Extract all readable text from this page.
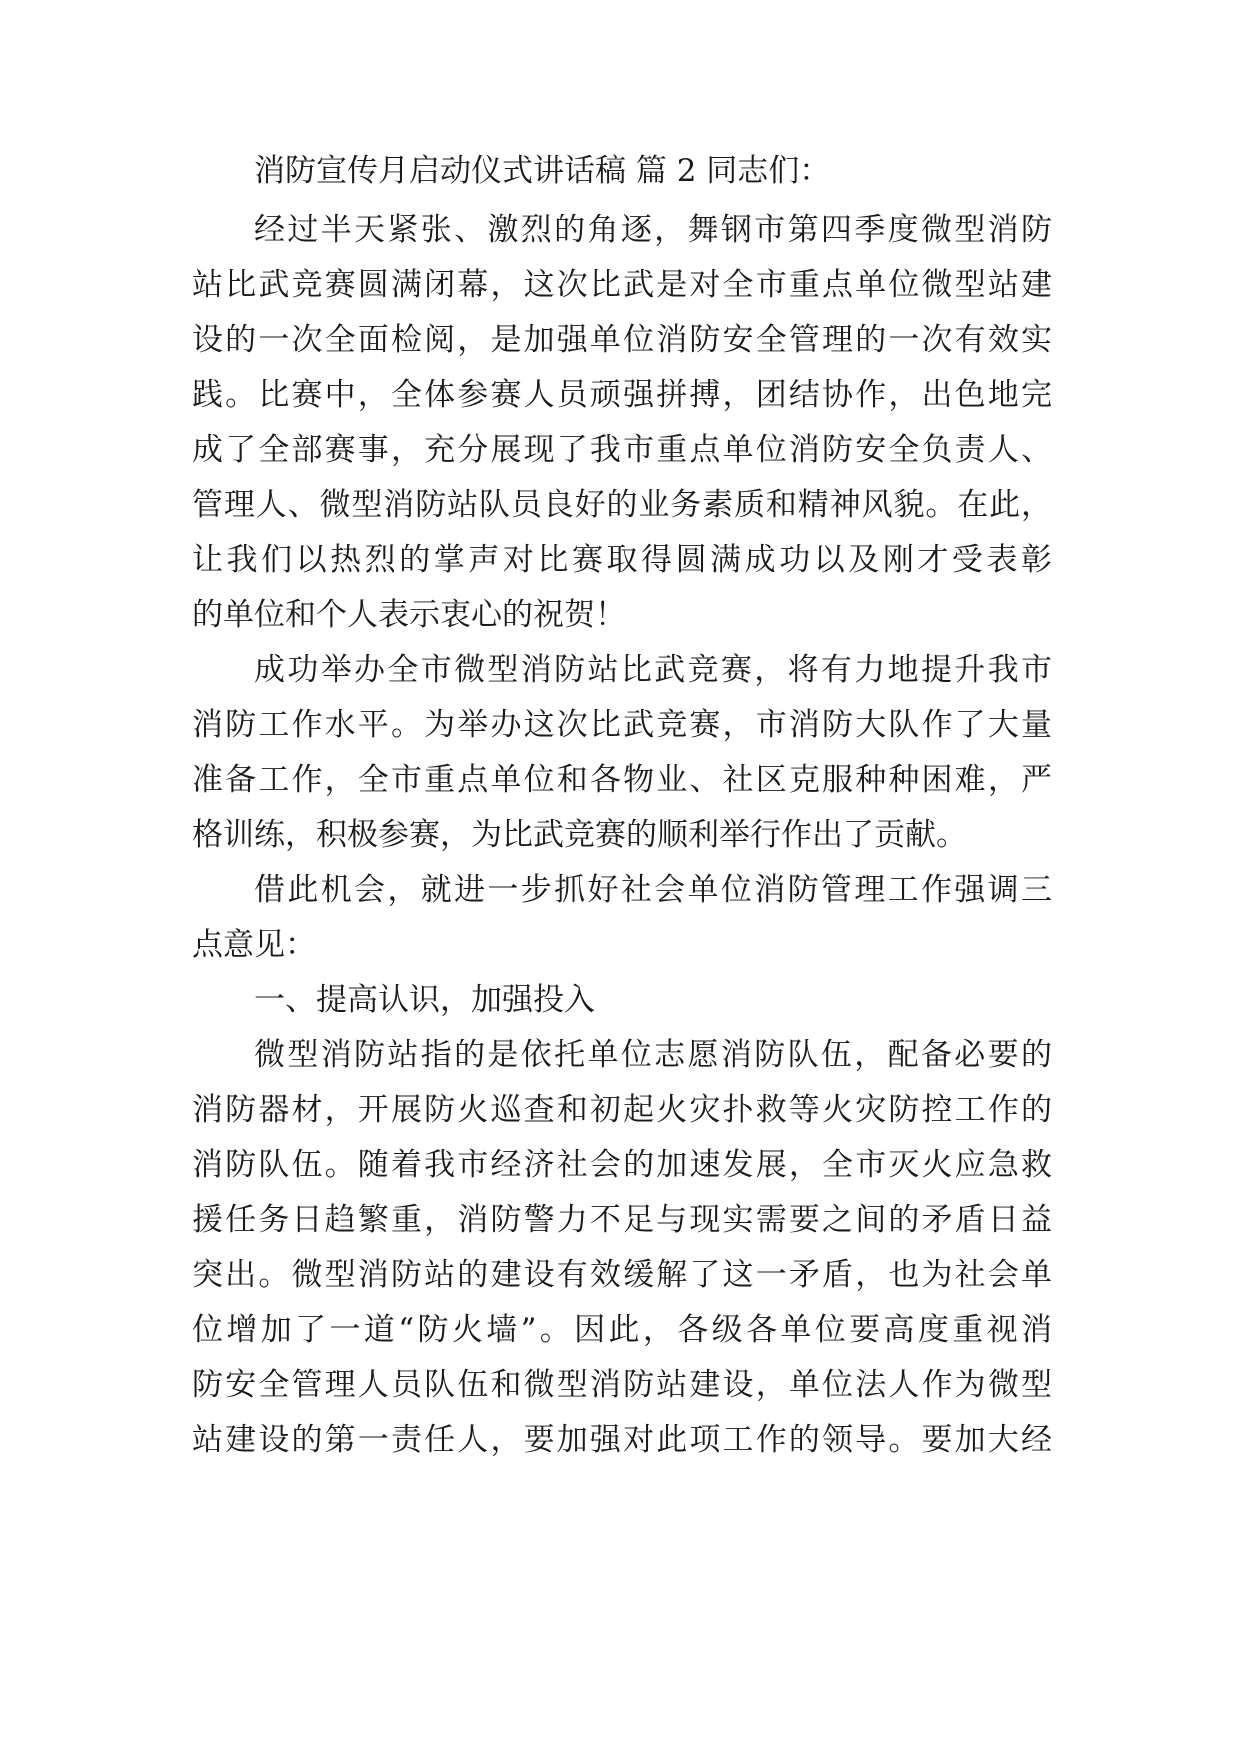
消防宣传月启动仪式讲话稿 篇 2 同志们：
经过半天紧张、激烈的角逐，舞钢市第四季度微型消防
站比武竞赛圆满闭幕，这次比武是对全市重点单位微型站建
设的一次全面检阅，是加强单位消防安全管理的一次有效实
践。比赛中，全体参赛人员顽强拼搏，团结协作，出色地完
成了全部赛事，充分展现了我市重点单位消防安全负责人、
管理人、微型消防站队员良好的业务素质和精神风貌。在此，
让我们以热烈的掌声对比赛取得圆满成功以及刚才受表彰
的单位和个人表示衷心的祝贺！
成功举办全市微型消防站比武竞赛，将有力地提升我市
消防工作水平。为举办这次比武竞赛，市消防大队作了大量
准备工作，全市重点单位和各物业、社区克服种种困难，严
格训练，积极参赛，为比武竞赛的顺利举行作出了贡献。
借此机会，就进一步抓好社会单位消防管理工作强调三
点意见：
一、提高认识，加强投入
微型消防站指的是依托单位志愿消防队伍，配备必要的
消防器材，开展防火巡查和初起火灾扑救等火灾防控工作的
消防队伍。随着我市经济社会的加速发展，全市灭火应急救
援任务日趋繁重，消防警力不足与现实需要之间的矛盾日益
突出。微型消防站的建设有效缓解了这一矛盾，也为社会单
位增加了一道“防火墙”。因此，各级各单位要高度重视消
防安全管理人员队伍和微型消防站建设，单位法人作为微型
站建设的第一责任人，要加强对此项工作的领导。要加大经
